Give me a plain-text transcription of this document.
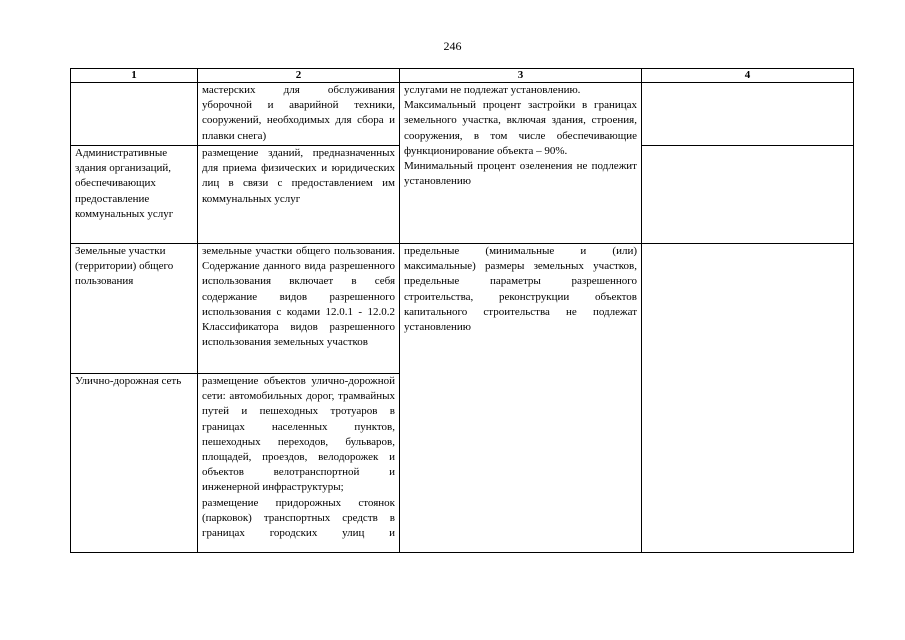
246
1	2	3	4
	мастерских для обслуживания уборочной и аварийной техники, сооружений, необходимых для сбора и плавки снега)	услугами не подлежат установлению.
Максимальный процент застройки в границах земельного участка, включая здания, строения, сооружения, в том числе обеспечивающие функционирование объекта – 90%.
Минимальный процент озеленения не подлежит установлению	

Административные здания организаций, обеспечивающих предоставление коммунальных услуг	размещение зданий, предназначенных для приема физических и юридических лиц в связи с предоставлением им коммунальных услуг		
Земельные участки (территории) общего пользования	земельные участки общего пользования. Содержание данного вида разрешенного использования включает в себя содержание видов разрешенного использования с кодами 12.0.1 - 12.0.2 Классификатора видов разрешенного использования земельных участков	предельные (минимальные и (или) максимальные) размеры земельных участков, предельные параметры разрешенного строительства, реконструкции объектов капитального строительства не подлежат установлению	
Улично-дорожная сеть	размещение объектов улично-дорожной сети: автомобильных дорог, трамвайных путей и пешеходных тротуаров в границах населенных пунктов, пешеходных переходов, бульваров, площадей, проездов, велодорожек и объектов велотранспортной и инженерной инфраструктуры;
размещение придорожных стоянок (парковок) транспортных средств в границах городских улиц и		
